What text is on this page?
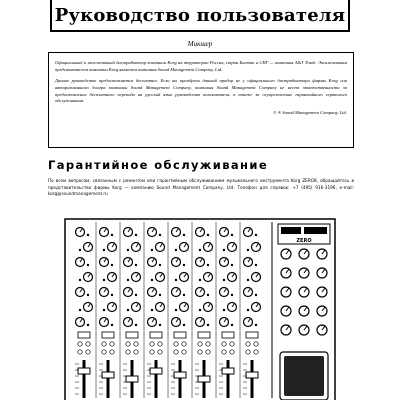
Руководство пользователя
Микшер

Официальный и эксклюзивный дистрибьютор компании Korg на территории России, стран Балтии и СНГ — компания A&T Trade. Эксклюзивным представителем компании Korg является компания Sound Management Company, Ltd.

Данное руководство предоставляется бесплатно. Если вы приобрели данный прибор не у официального дистрибьютора фирмы Korg или авторизованного дилера компании Sound Management Company, компания Sound Management Company не несет ответственности за предоставление бесплатного перевода на русский язык руководства пользователя, а также за осуществление гарантийного сервисного обслуживания.

© ® Sound Management Company, Ltd.

Гарантийное обслуживание

По всем вопросам, связанным с ремонтом или гарантийным обслуживанием музыкального инструмента Korg ZERO8, обращайтесь в представительство фирмы Korg — компанию Sound Management Company, Ltd. Телефон для справок: +7 (495) 916-3196, e-mail: korg@soundmanagement.ru

ZERO
